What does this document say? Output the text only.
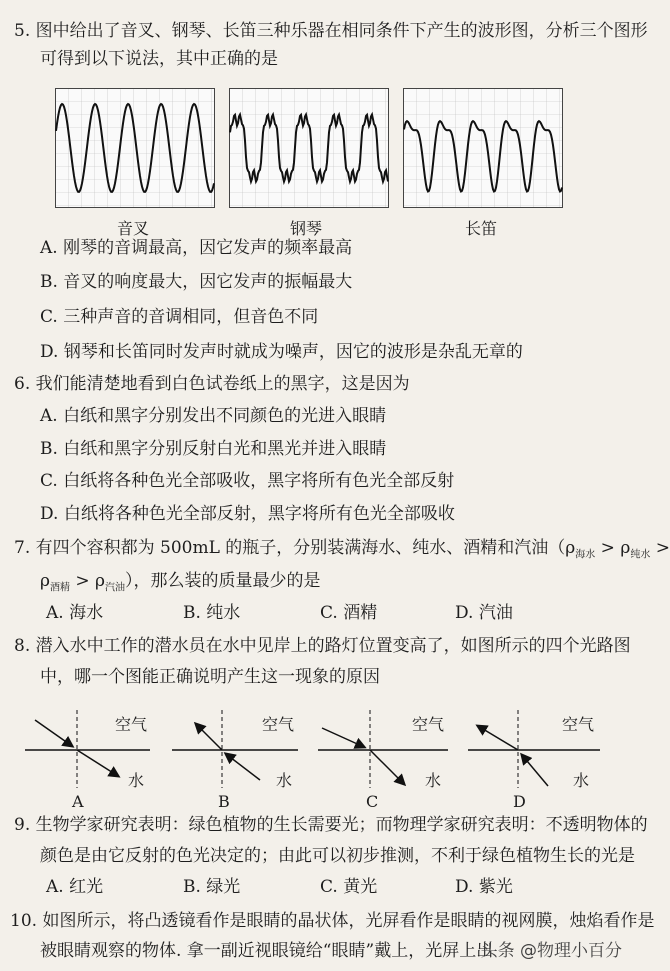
5. 图中给出了音叉、钢琴、长笛三种乐器在相同条件下产生的波形图，分析三个图形
可得到以下说法，其中正确的是
音叉	钢琴	长笛
A. 刚琴的音调最高，因它发声的频率最高
B. 音叉的响度最大，因它发声的振幅最大
C. 三种声音的音调相同，但音色不同
D. 钢琴和长笛同时发声时就成为噪声，因它的波形是杂乱无章的
6. 我们能清楚地看到白色试卷纸上的黑字，这是因为
A. 白纸和黑字分别发出不同颜色的光进入眼睛
B. 白纸和黑字分别反射白光和黑光并进入眼睛
C. 白纸将各种色光全部吸收，黑字将所有色光全部反射
D. 白纸将各种色光全部反射，黑字将所有色光全部吸收
7. 有四个容积都为 500mL 的瓶子，分别装满海水、纯水、酒精和汽油（$\rho_{海水} > \rho_{纯水}$ >
$\rho_{酒精} > \rho_{汽油}$），那么装的质量最少的是
A. 海水	B. 纯水	C. 酒精	D. 汽油
8. 潜入水中工作的潜水员在水中见岸上的路灯位置变高了，如图所示的四个光路图
中，哪一个图能正确说明产生这一现象的原因
空气	空气	空气	空气
水	水	水	水
A	B	C	D
9. 生物学家研究表明：绿色植物的生长需要光；而物理学家研究表明：不透明物体的
颜色是由它反射的色光决定的；由此可以初步推测，不利于绿色植物生长的光是
A. 红光	B. 绿光	C. 黄光	D. 紫光
10. 如图所示，将凸透镜看作是眼睛的晶状体，光屏看作是眼睛的视网膜，烛焰看作是
被眼睛观察的物体. 拿一副近视眼镜给“眼睛”戴上，光屏上出
头条 @物理小百分
